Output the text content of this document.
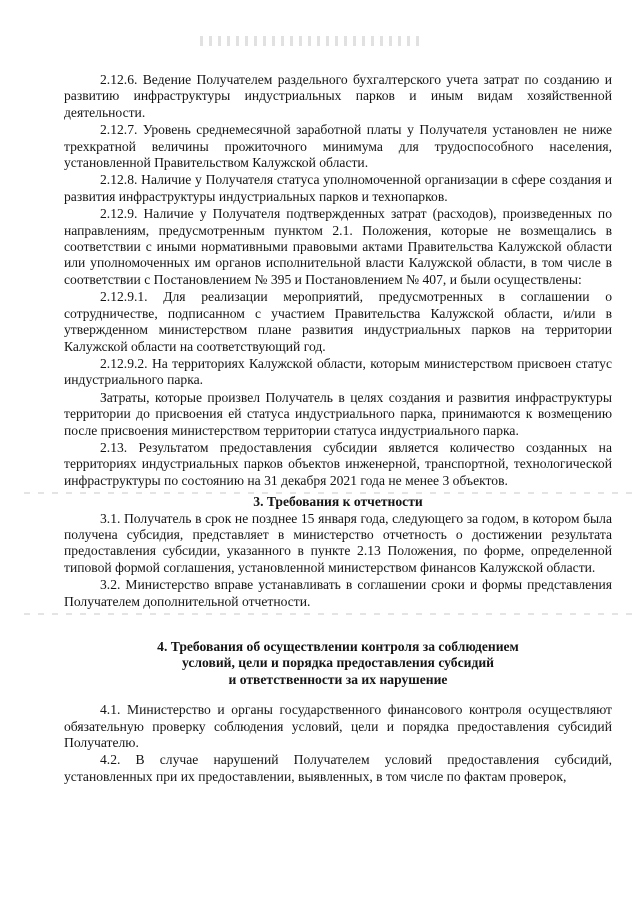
2.12.6. Ведение Получателем раздельного бухгалтерского учета затрат по созданию и развитию инфраструктуры индустриальных парков и иным видам хозяйственной деятельности.

2.12.7. Уровень среднемесячной заработной платы у Получателя установлен не ниже трехкратной величины прожиточного минимума для трудоспособного населения, установленной Правительством Калужской области.

2.12.8. Наличие у Получателя статуса уполномоченной организации в сфере создания и развития инфраструктуры индустриальных парков и технопарков.

2.12.9. Наличие у Получателя подтвержденных затрат (расходов), произведенных по направлениям, предусмотренным пунктом 2.1. Положения, которые не возмещались в соответствии с иными нормативными правовыми актами Правительства Калужской области или уполномоченных им органов исполнительной власти Калужской области, в том числе в соответствии с Постановлением № 395 и Постановлением № 407, и были осуществлены:

2.12.9.1. Для реализации мероприятий, предусмотренных в соглашении о сотрудничестве, подписанном с участием Правительства Калужской области, и/или в утвержденном министерством плане развития индустриальных парков на территории Калужской области на соответствующий год.

2.12.9.2. На территориях Калужской области, которым министерством присвоен статус индустриального парка.

Затраты, которые произвел Получатель в целях создания и развития инфраструктуры территории до присвоения ей статуса индустриального парка, принимаются к возмещению после присвоения министерством территории статуса индустриального парка.

2.13. Результатом предоставления субсидии является количество созданных на территориях индустриальных парков объектов инженерной, транспортной, технологической инфраструктуры по состоянию на 31 декабря 2021 года не менее 3 объектов.

3. Требования к отчетности

3.1. Получатель в срок не позднее 15 января года, следующего за годом, в котором была получена субсидия, представляет в министерство отчетность о достижении результата предоставления субсидии, указанного в пункте 2.13 Положения, по форме, определенной типовой формой соглашения, установленной министерством финансов Калужской области.

3.2. Министерство вправе устанавливать в соглашении сроки и формы представления Получателем дополнительной отчетности.

4. Требования об осуществлении контроля за соблюдением

условий, цели и порядка предоставления субсидий

и ответственности за их нарушение

4.1. Министерство и органы государственного финансового контроля осуществляют обязательную проверку соблюдения условий, цели и порядка предоставления субсидий Получателю.

4.2. В случае нарушений Получателем условий предоставления субсидий, установленных при их предоставлении, выявленных, в том числе по фактам проверок,
